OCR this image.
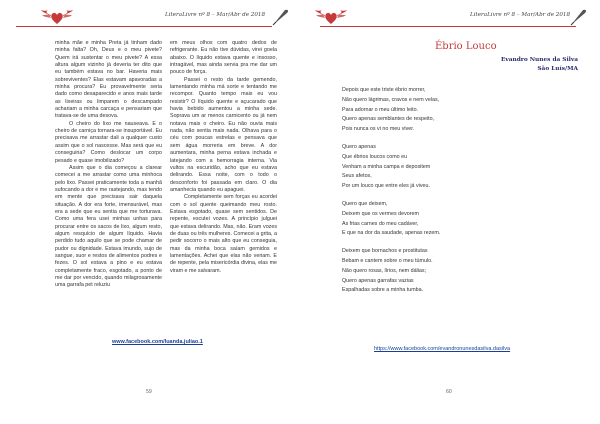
LiteraLivre nº 8 – Mar/Abr de 2018

minha mãe e minha Preta já tinham dado minha falta? Oh, Deus e o meu pivete? Quem irá sustentar o meu pivete? A essa altura algum vizinho já deveria ter dito que eu também estava no bar. Haveria mais sobreviventes? Elas estavam apavoradas a minha procura? Eu provavelmente seria dado como desaparecido e anos mais tarde as lixeiras ou limparem o descampado achariam a minha carcaça e pensariam que tratava-se de uma desova.

O cheiro do lixo me nauseava. E o cheiro de carniça tornara-se insuportável. Eu precisava me arrastar dali a qualquer custo assim que o sol nascesse. Mas será que eu conseguiria? Como deslocar um corpo pesado e quase imobilizado?

Assim que o dia começou a clarear comecei a me arrastar como uma minhoca pelo lixo. Passei praticamente toda a manhã sufocando a dor e me rastejando, mas tendo em mente que precisava sair daquela situação. A dor era forte, imensurável, mas era a sede que eu sentia que me torturava. Como uma fera usei minhas unhas para procurar entre os sacos de lixo, algum resto, algum resquício de algum líquido. Havia perdido tudo aquilo que se pode chamar de pudor ou dignidade. Estava imundo, sujo de sangue, suor e restos de alimentos podres e fezes. O sol estava a pino e eu estava completamente fraco, esgotado, a ponto de me dar por vencido, quando milagrosamente uma garrafa pet reluziu

em meus olhos com quatro dedos de refrigerante. Eu não tive dúvidas, virei goela abaixo. O líquido estava quente e insosso, intragável, mas ainda servia pra me dar um pouco de força.

Passei o resto da tarde gemendo, lamentando minha má sorte e tentando me recompor. Quanto tempo mais eu vou resistir? O líquido quente e açucarado que havia bebido aumentou a minha sede. Soprava um ar menos carnicento ou já nem notava mais o cheiro. Eu não ouvia mais nada, não sentia mais nada. Olhava para o céu com poucas estrelas e pensava que sem água morreria em breve. A dor aumentara, minha perna estava inchada e latejando com a hemorragia interna. Via vultos na escuridão, acho que eu estava delirando. Essa noite, com o todo o desconforto foi passada em claro. O dia amanhecia quando eu apaguei.

Completamente sem forças eu acordei com o sol quente queimando meu rosto. Estava esgotado, quase sem sentidos. De repente, escutei vozes. A princípio julguei que estava delirando. Mas, não. Eram vozes de duas ou três mulheres. Comecei a grita, a pedir socorro o mais alto que eu conseguia, mas da minha boca saíam gemidos e lamentações. Achei que elas não veriam. E de repente, pela misericórdia divina, elas me viram e me salvaram.

www.facebook.com/luanda.juliao.1
59
LiteraLivre nº 8 – Mar/Abr de 2018
Ébrio Louco
Evandro Nunes da Silva
São Luís/MA
Depois que este triste ébrio morrer,
Não quero lágrimas, cravos e nem velas,
Para adornar o meu último leito.
Quero apenas semblantes de respeito,
Pois nunca os vi no meu viver.
Quero apenas
Que ébrios loucos como eu
Venham a minha campa e depositem
Seus afetos,
Por um louco que entre eles já viveu.
Quero que deixem,
Deixem que os vermes devorem
As frias carnes do meu cadáver,
E que na dor da saudade, apenas rezem.
Deixem que bornachos e prostitutas
Bebam e cantem sobre o meu túmulo.
Não quero rosas, lírios, nem dálias;
Quero apenas garrafas vazias
Espalhadas sobre a minha tumba.
https://www.facebook.com/evandronunesdasilva.dasilva
60
